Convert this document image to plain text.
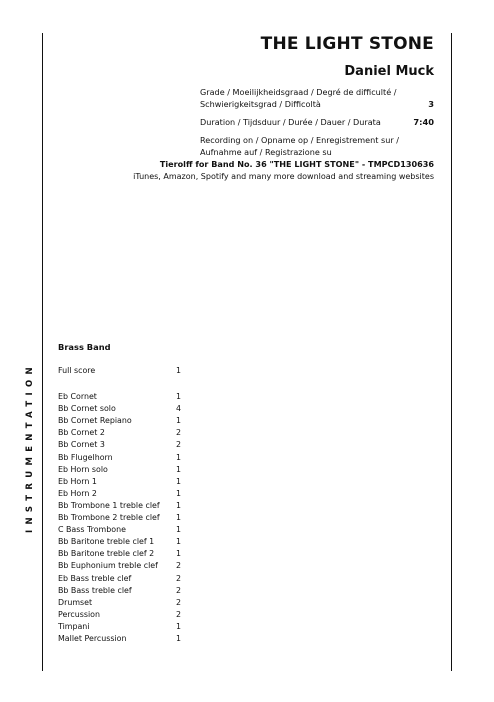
THE LIGHT STONE
Daniel Muck
Grade / Moeilijkheidsgraad / Degré de difficulté /
Schwierigkeitsgrad / Difficoltà	3
Duration / Tijdsduur / Durée / Dauer / Durata	7:40
Recording on / Opname op / Enregistrement sur /
Aufnahme auf / Registrazione su
Tierolff for Band No. 36 "THE LIGHT STONE" - TMPCD130636
iTunes, Amazon, Spotify and many more download and streaming websites
INSTRUMENTATION
Brass Band
Full score	1
Eb Cornet	1
Bb Cornet solo	4
Bb Cornet Repiano	1
Bb Cornet 2	2
Bb Cornet 3	2
Bb Flugelhorn	1
Eb Horn solo	1
Eb Horn 1	1
Eb Horn 2	1
Bb Trombone 1 treble clef 1
Bb Trombone 2 treble clef 1
C Bass Trombone	1
Bb Baritone treble clef 1	1
Bb Baritone treble clef 2	1
Bb Euphonium treble clef 2
Eb Bass treble clef	2
Bb Bass treble clef	2
Drumset	2
Percussion	2
Timpani	1
Mallet Percussion	1
